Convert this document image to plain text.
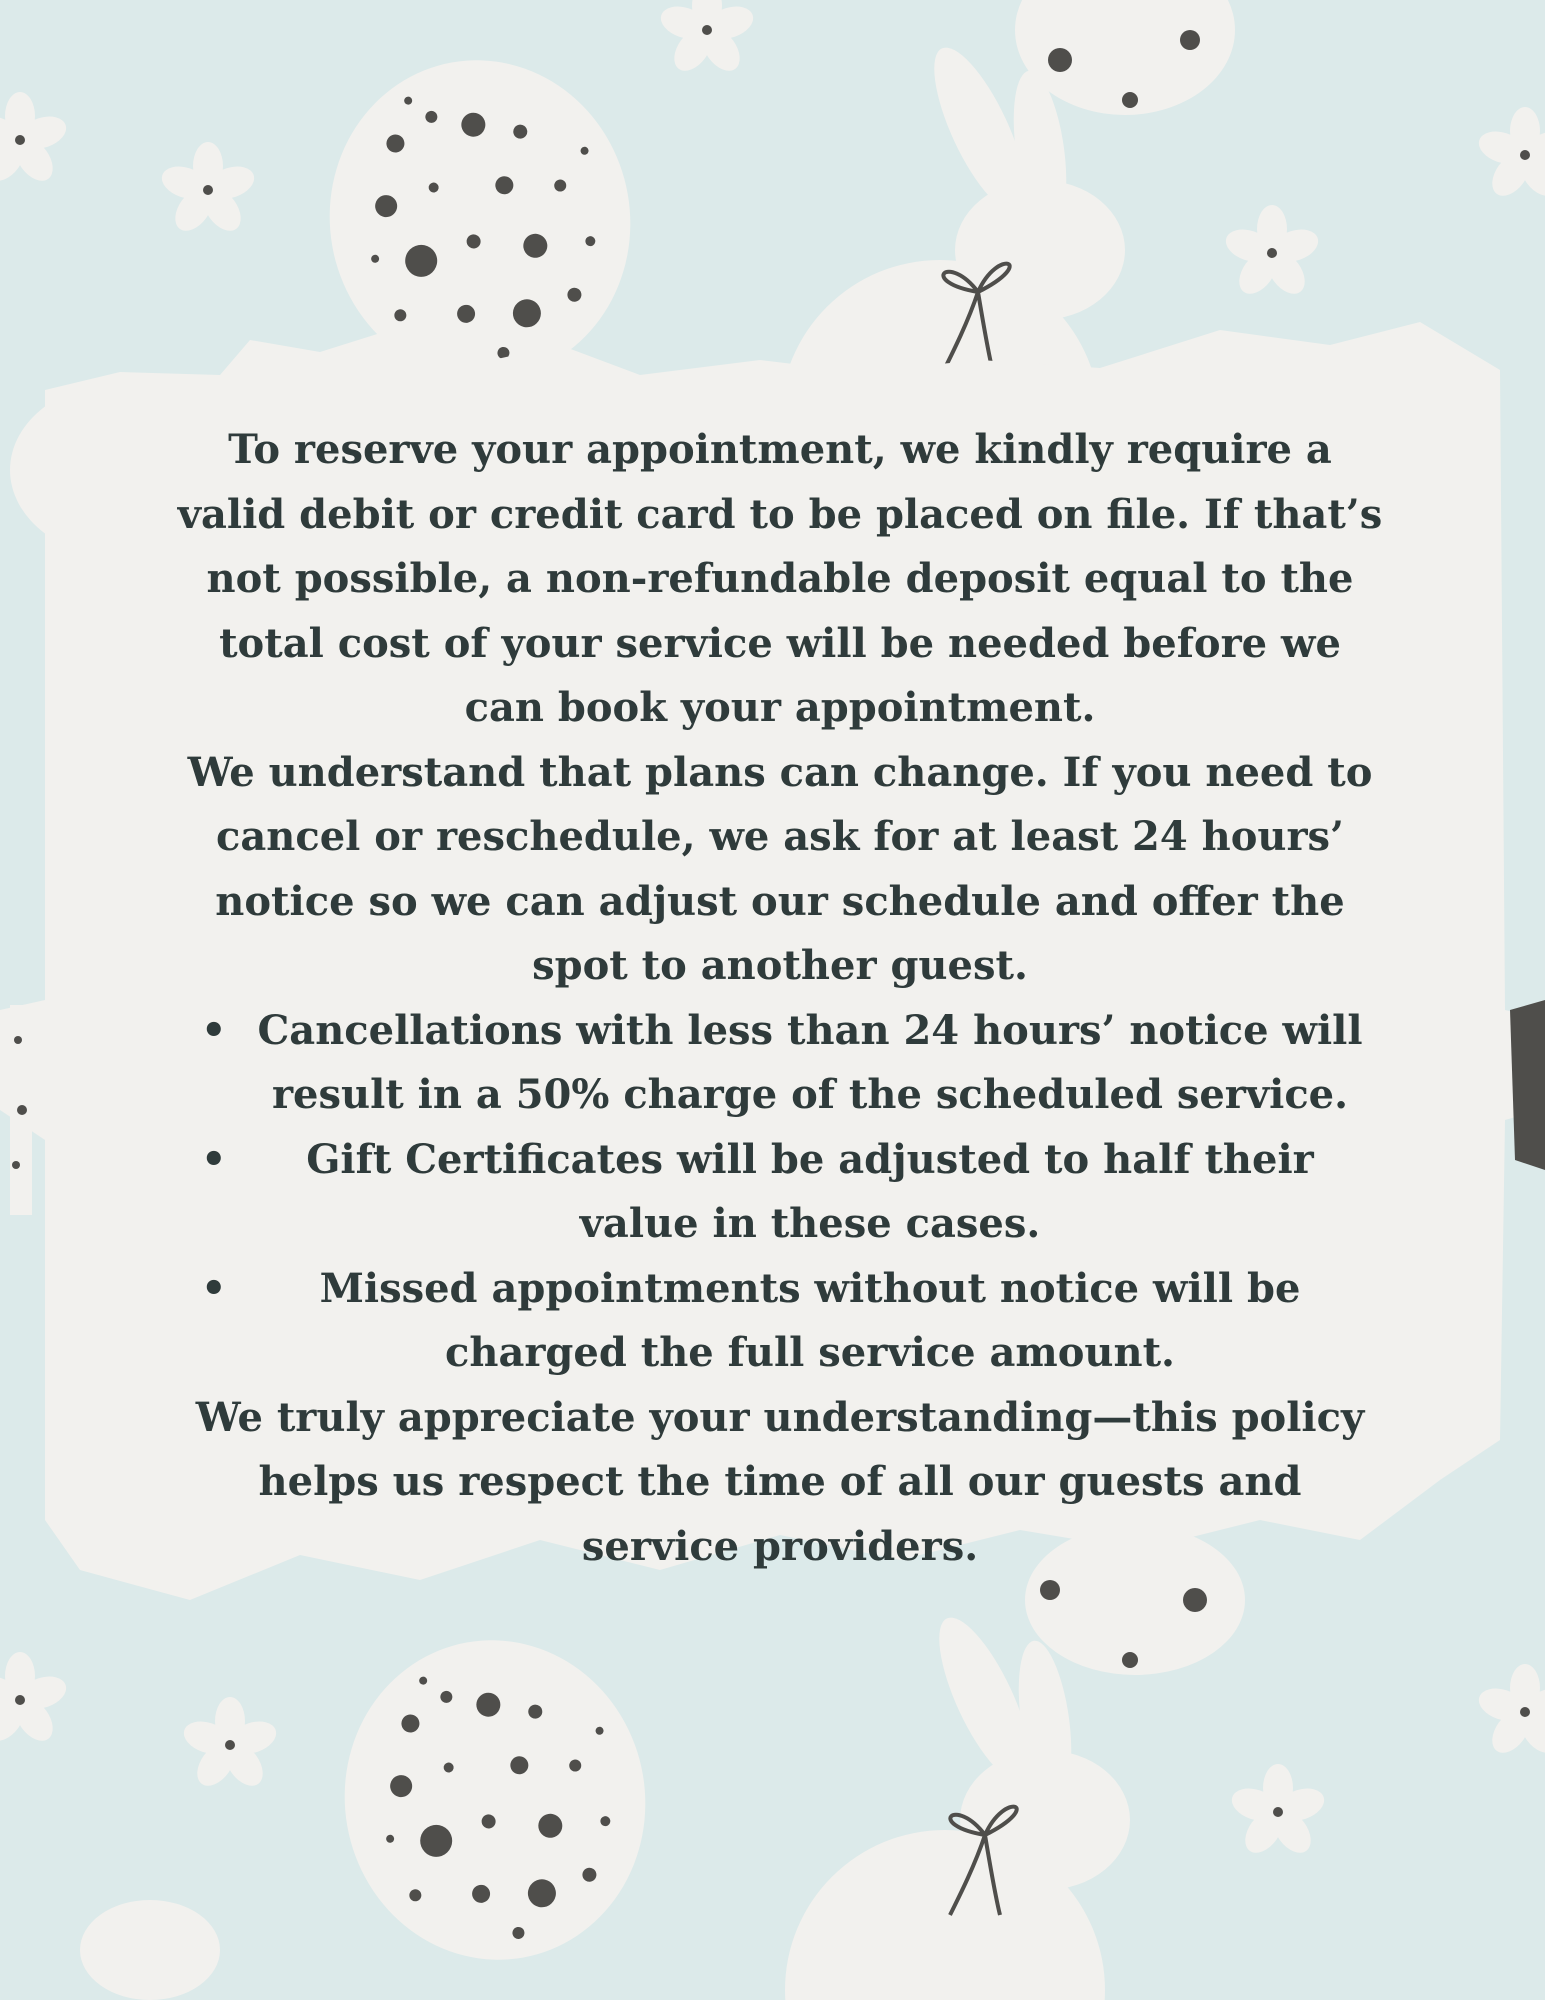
To reserve your appointment, we kindly require a valid debit or credit card to be placed on file. If that’s not possible, a non-refundable deposit equal to the total cost of your service will be needed before we can book your appointment.

We understand that plans can change. If you need to cancel or reschedule, we ask for at least 24 hours’ notice so we can adjust our schedule and offer the spot to another guest.

• Cancellations with less than 24 hours’ notice will result in a 50% charge of the scheduled service.
• Gift Certificates will be adjusted to half their value in these cases.
• Missed appointments without notice will be charged the full service amount.

We truly appreciate your understanding—this policy helps us respect the time of all our guests and service providers.
